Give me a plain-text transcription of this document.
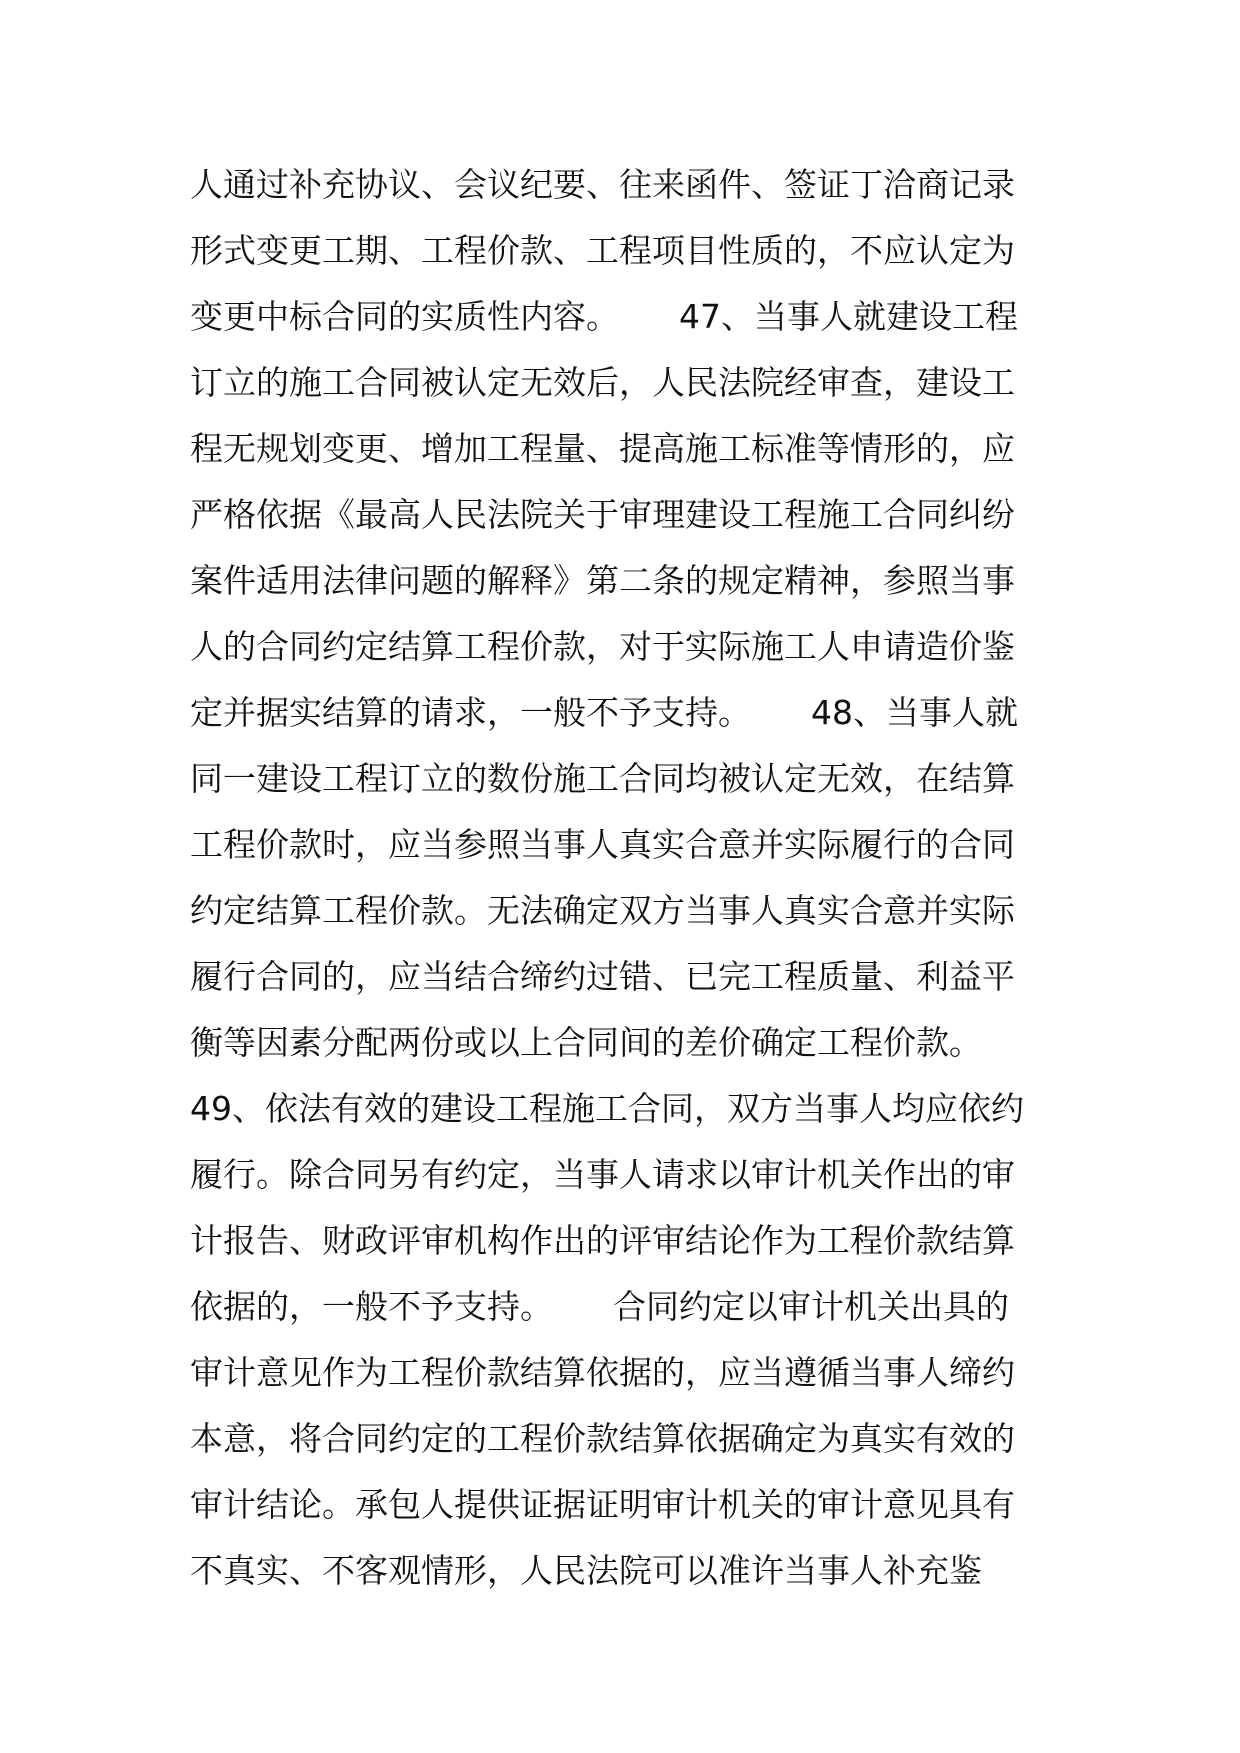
人通过补充协议、会议纪要、往来函件、签证丁洽商记录
形式变更工期、工程价款、工程项目性质的，不应认定为
变更中标合同的实质性内容。　　 47、当事人就建设工程
订立的施工合同被认定无效后，人民法院经审查，建设工
程无规划变更、增加工程量、提高施工标准等情形的，应
严格依据《最高人民法院关于审理建设工程施工合同纠纷
案件适用法律问题的解释》第二条的规定精神，参照当事
人的合同约定结算工程价款，对于实际施工人申请造价鉴
定并据实结算的请求，一般不予支持。　　 48、当事人就
同一建设工程订立的数份施工合同均被认定无效，在结算
工程价款时，应当参照当事人真实合意并实际履行的合同
约定结算工程价款。无法确定双方当事人真实合意并实际
履行合同的，应当结合缔约过错、已完工程质量、利益平
衡等因素分配两份或以上合同间的差价确定工程价款。
49、依法有效的建设工程施工合同，双方当事人均应依约
履行。除合同另有约定，当事人请求以审计机关作出的审
计报告、财政评审机构作出的评审结论作为工程价款结算
依据的，一般不予支持。　　 合同约定以审计机关出具的
审计意见作为工程价款结算依据的，应当遵循当事人缔约
本意，将合同约定的工程价款结算依据确定为真实有效的
审计结论。承包人提供证据证明审计机关的审计意见具有
不真实、不客观情形，人民法院可以准许当事人补充鉴
